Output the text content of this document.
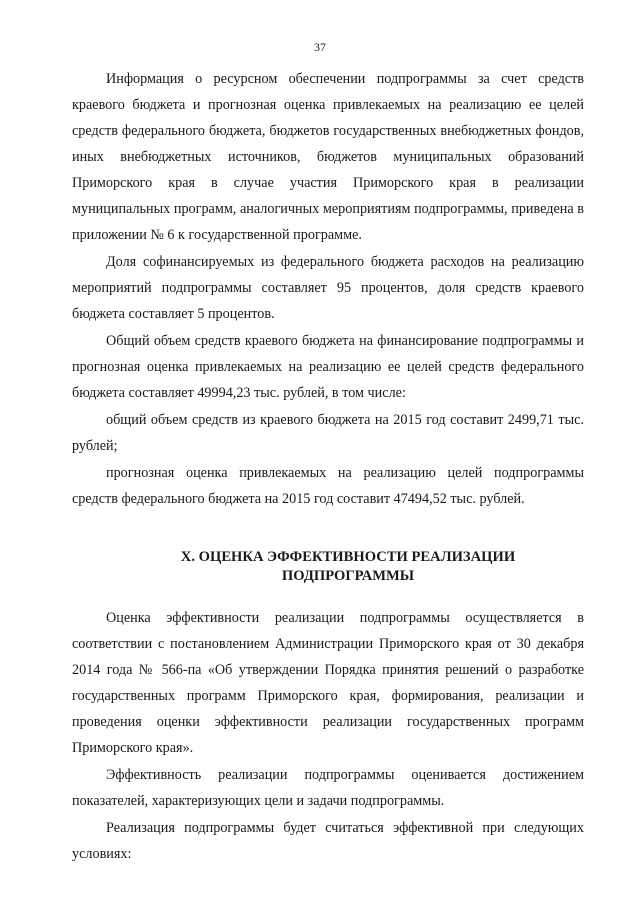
37

Информация о ресурсном обеспечении подпрограммы за счет средств краевого бюджета и прогнозная оценка привлекаемых на реализацию ее целей средств федерального бюджета, бюджетов государственных внебюджетных фондов, иных внебюджетных источников, бюджетов муниципальных образований Приморского края в случае участия Приморского края в реализации муниципальных программ, аналогичных мероприятиям подпрограммы, приведена в приложении № 6 к государственной программе.

Доля софинансируемых из федерального бюджета расходов на реализацию мероприятий подпрограммы составляет 95 процентов, доля средств краевого бюджета составляет 5 процентов.

Общий объем средств краевого бюджета на финансирование подпрограммы и прогнозная оценка привлекаемых на реализацию ее целей средств федерального бюджета составляет 49994,23 тыс. рублей, в том числе:

общий объем средств из краевого бюджета на 2015 год составит 2499,71 тыс. рублей;

прогнозная оценка привлекаемых на реализацию целей подпрограммы средств федерального бюджета на 2015 год составит 47494,52 тыс. рублей.

X. ОЦЕНКА ЭФФЕКТИВНОСТИ РЕАЛИЗАЦИИ
ПОДПРОГРАММЫ

Оценка эффективности реализации подпрограммы осуществляется в соответствии с постановлением Администрации Приморского края от 30 декабря 2014 года № 566-па «Об утверждении Порядка принятия решений о разработке государственных программ Приморского края, формирования, реализации и проведения оценки эффективности реализации государственных программ Приморского края».

Эффективность реализации подпрограммы оценивается достижением показателей, характеризующих цели и задачи подпрограммы.

Реализация подпрограммы будет считаться эффективной при следующих условиях:
